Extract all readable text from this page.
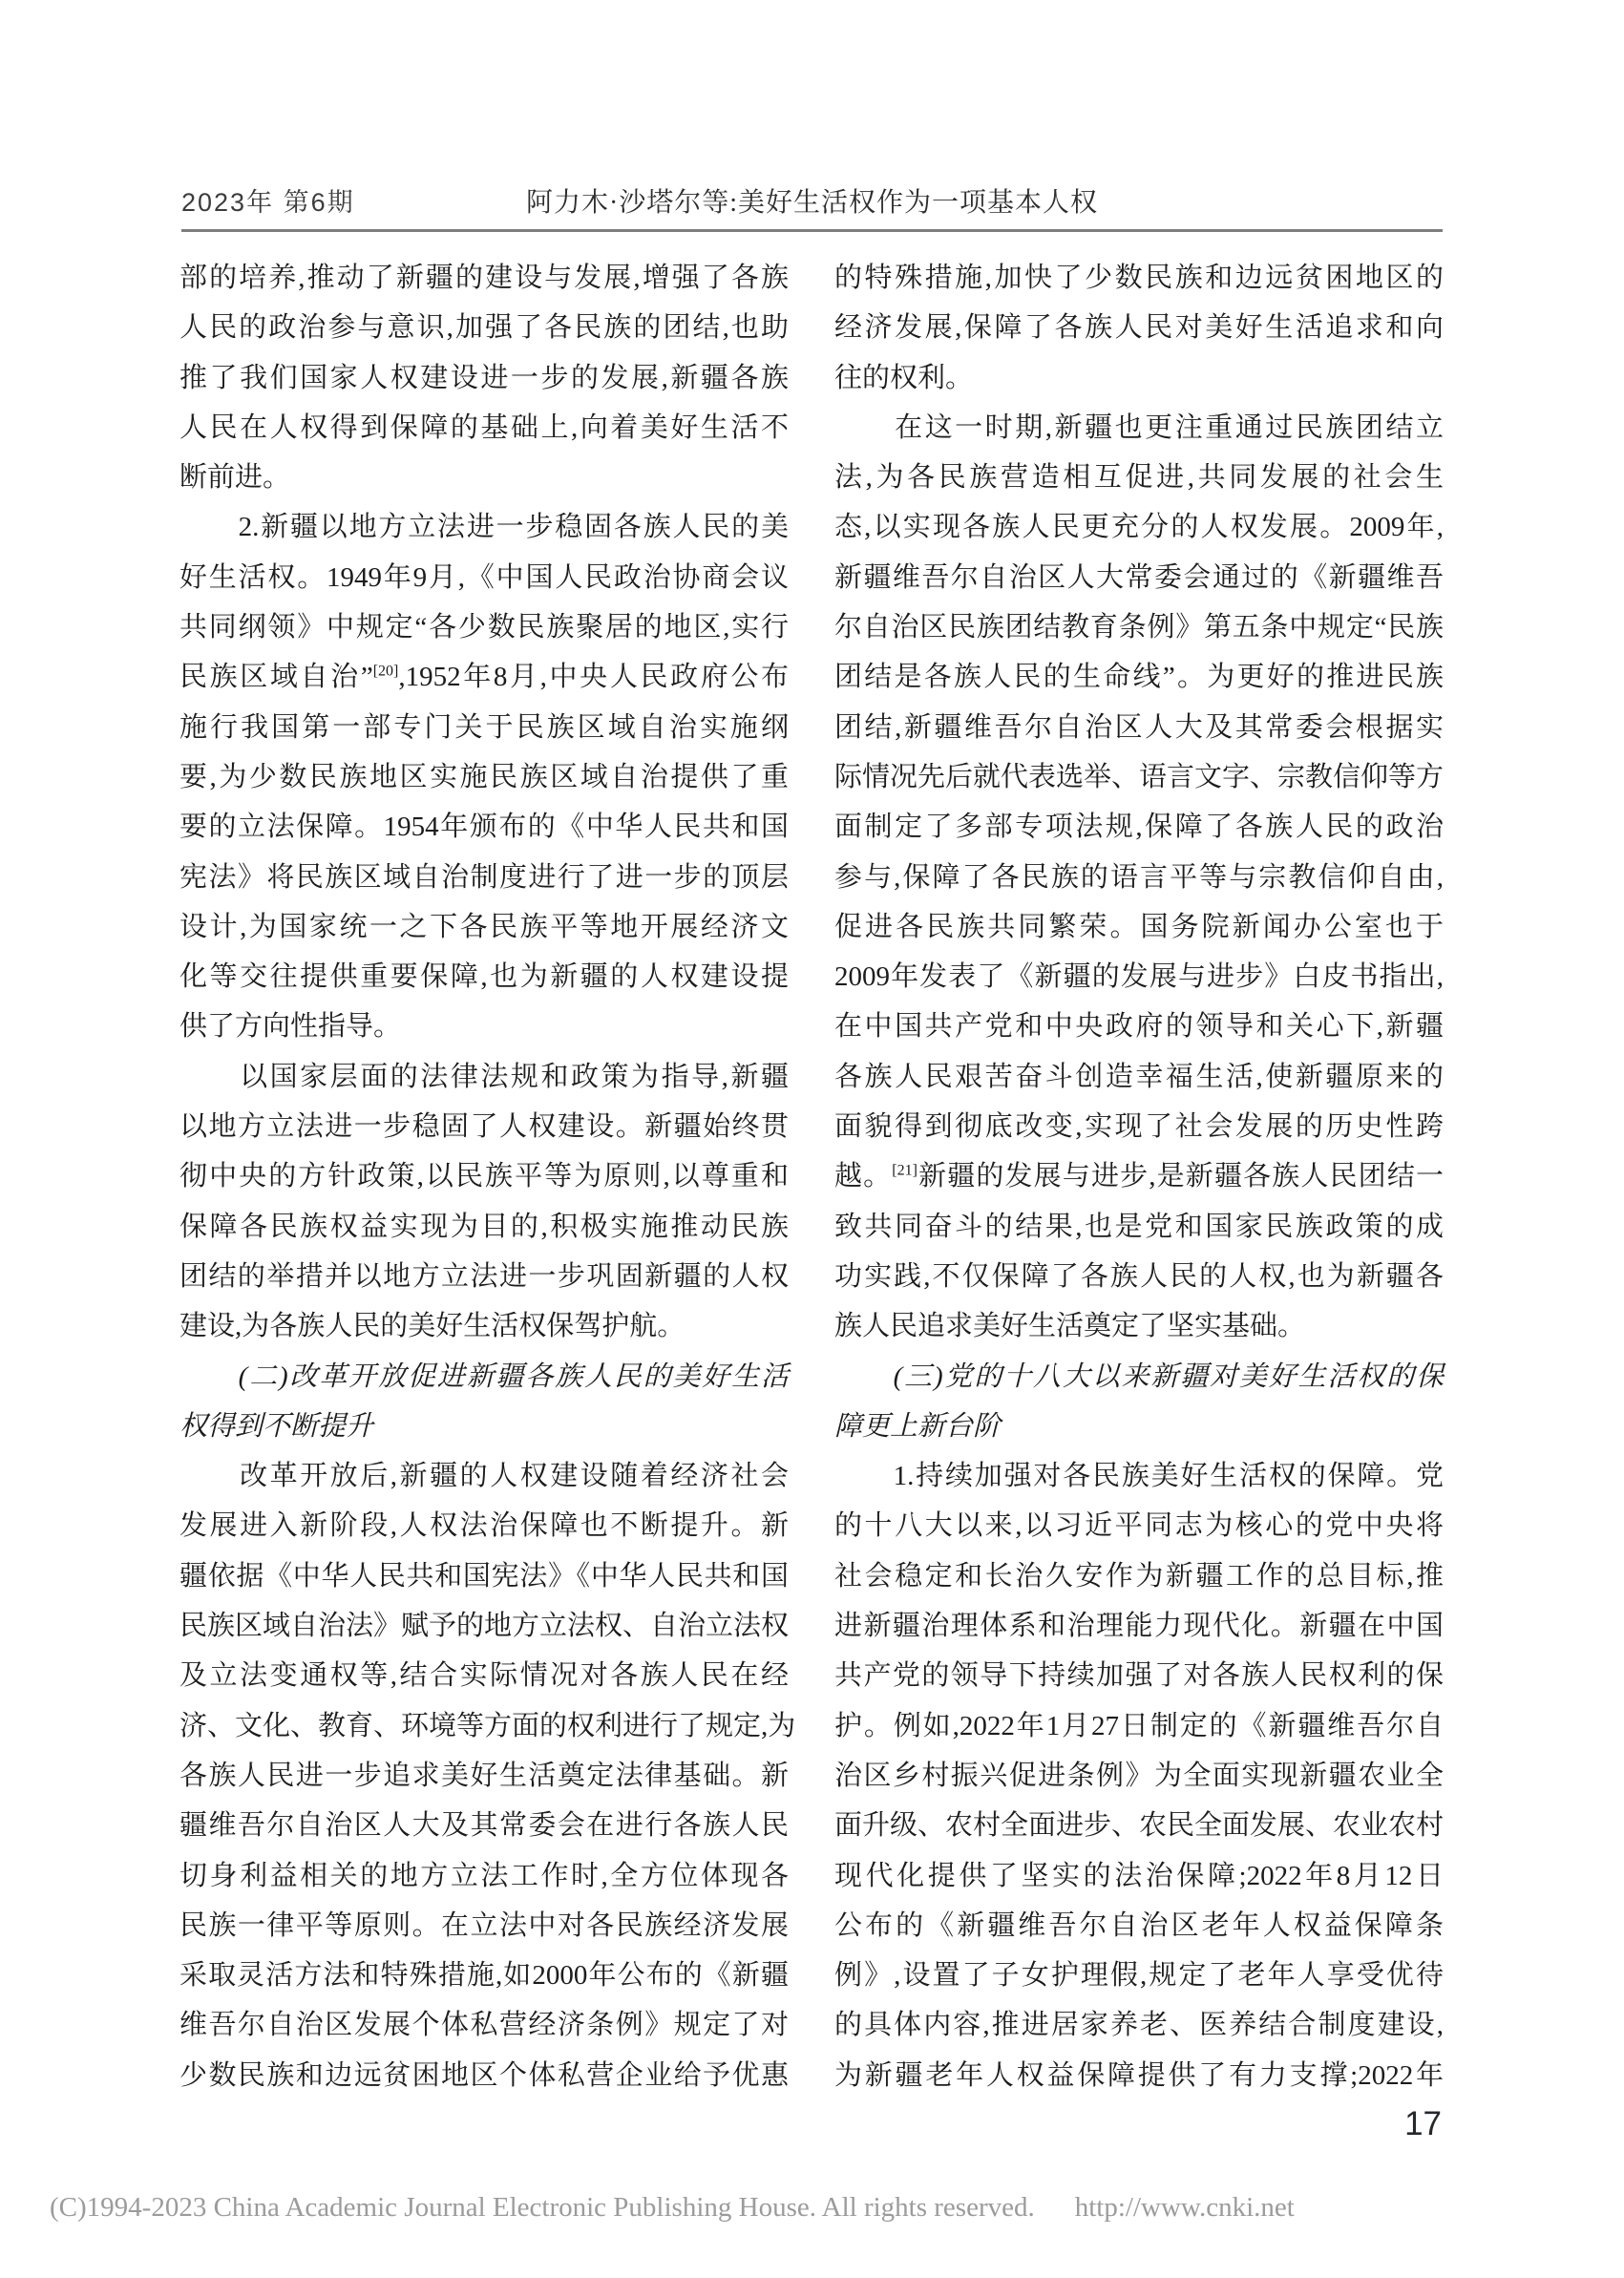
2023年 第6期	阿力木·沙塔尔等:美好生活权作为一项基本人权
部的培养,推动了新疆的建设与发展,增强了各族
人民的政治参与意识,加强了各民族的团结,也助
推了我们国家人权建设进一步的发展,新疆各族
人民在人权得到保障的基础上,向着美好生活不
断前进。
　　2.新疆以地方立法进一步稳固各族人民的美
好生活权。1949年9月,《中国人民政治协商会议
共同纲领》中规定“各少数民族聚居的地区,实行
民族区域自治”[20],1952年8月,中央人民政府公布
施行我国第一部专门关于民族区域自治实施纲
要,为少数民族地区实施民族区域自治提供了重
要的立法保障。1954年颁布的《中华人民共和国
宪法》将民族区域自治制度进行了进一步的顶层
设计,为国家统一之下各民族平等地开展经济文
化等交往提供重要保障,也为新疆的人权建设提
供了方向性指导。
　　以国家层面的法律法规和政策为指导,新疆
以地方立法进一步稳固了人权建设。新疆始终贯
彻中央的方针政策,以民族平等为原则,以尊重和
保障各民族权益实现为目的,积极实施推动民族
团结的举措并以地方立法进一步巩固新疆的人权
建设,为各族人民的美好生活权保驾护航。
　　(二)改革开放促进新疆各族人民的美好生活
权得到不断提升
　　改革开放后,新疆的人权建设随着经济社会
发展进入新阶段,人权法治保障也不断提升。新
疆依据《中华人民共和国宪法》《中华人民共和国
民族区域自治法》赋予的地方立法权、自治立法权
及立法变通权等,结合实际情况对各族人民在经
济、文化、教育、环境等方面的权利进行了规定,为
各族人民进一步追求美好生活奠定法律基础。新
疆维吾尔自治区人大及其常委会在进行各族人民
切身利益相关的地方立法工作时,全方位体现各
民族一律平等原则。在立法中对各民族经济发展
采取灵活方法和特殊措施,如2000年公布的《新疆
维吾尔自治区发展个体私营经济条例》规定了对
少数民族和边远贫困地区个体私营企业给予优惠
的特殊措施,加快了少数民族和边远贫困地区的
经济发展,保障了各族人民对美好生活追求和向
往的权利。
　　在这一时期,新疆也更注重通过民族团结立
法,为各民族营造相互促进,共同发展的社会生
态,以实现各族人民更充分的人权发展。2009年,
新疆维吾尔自治区人大常委会通过的《新疆维吾
尔自治区民族团结教育条例》第五条中规定“民族
团结是各族人民的生命线”。为更好的推进民族
团结,新疆维吾尔自治区人大及其常委会根据实
际情况先后就代表选举、语言文字、宗教信仰等方
面制定了多部专项法规,保障了各族人民的政治
参与,保障了各民族的语言平等与宗教信仰自由,
促进各民族共同繁荣。国务院新闻办公室也于
2009年发表了《新疆的发展与进步》白皮书指出,
在中国共产党和中央政府的领导和关心下,新疆
各族人民艰苦奋斗创造幸福生活,使新疆原来的
面貌得到彻底改变,实现了社会发展的历史性跨
越。[21]新疆的发展与进步,是新疆各族人民团结一
致共同奋斗的结果,也是党和国家民族政策的成
功实践,不仅保障了各族人民的人权,也为新疆各
族人民追求美好生活奠定了坚实基础。
　　(三)党的十八大以来新疆对美好生活权的保
障更上新台阶
　　1.持续加强对各民族美好生活权的保障。党
的十八大以来,以习近平同志为核心的党中央将
社会稳定和长治久安作为新疆工作的总目标,推
进新疆治理体系和治理能力现代化。新疆在中国
共产党的领导下持续加强了对各族人民权利的保
护。例如,2022年1月27日制定的《新疆维吾尔自
治区乡村振兴促进条例》为全面实现新疆农业全
面升级、农村全面进步、农民全面发展、农业农村
现代化提供了坚实的法治保障;2022年8月12日
公布的《新疆维吾尔自治区老年人权益保障条
例》,设置了子女护理假,规定了老年人享受优待
的具体内容,推进居家养老、医养结合制度建设,
为新疆老年人权益保障提供了有力支撑;2022年
17
(C)1994-2023 China Academic Journal Electronic Publishing House. All rights reserved. http://www.cnki.net
